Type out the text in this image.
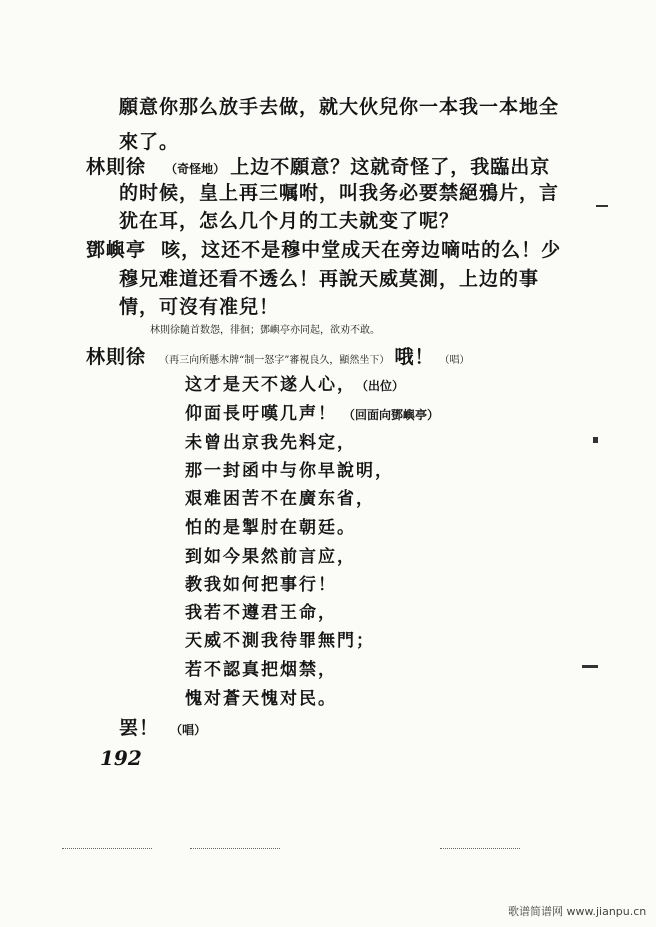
願意你那么放手去做，就大伙兒你一本我一本地全
來了。
林則徐 （奇怪地） 上边不願意？这就奇怪了，我臨出京
的时候，皇上再三嘱咐，叫我务必要禁絕鴉片，言
犹在耳，怎么几个月的工夫就变了呢？
鄧嶼亭 咳，这还不是穆中堂成天在旁边嘀咕的么！少
穆兄难道还看不透么！再說天威莫測，上边的事
情，可沒有准兒！
林則徐隨首数怨，徘徊；鄧嶼亭亦同起，欲劝不敢。
林則徐 （再三向所懸木牌“制一怒字”審視良久，顯然坐下） 哦！ （唱）
这才是天不遂人心， （出位）
仰面長吁嘆几声！ （回面向鄧嶼亭）
未曾出京我先料定，
那一封函中与你早說明，
艰难困苦不在廣东省，
怕的是掣肘在朝廷。
到如今果然前言应，
教我如何把事行！
我若不遵君王命，
天威不測我待罪無門；
若不認真把烟禁，
愧对蒼天愧对民。
罢！ （唱）
192
歌谱简谱网 www.jianpu.cn
